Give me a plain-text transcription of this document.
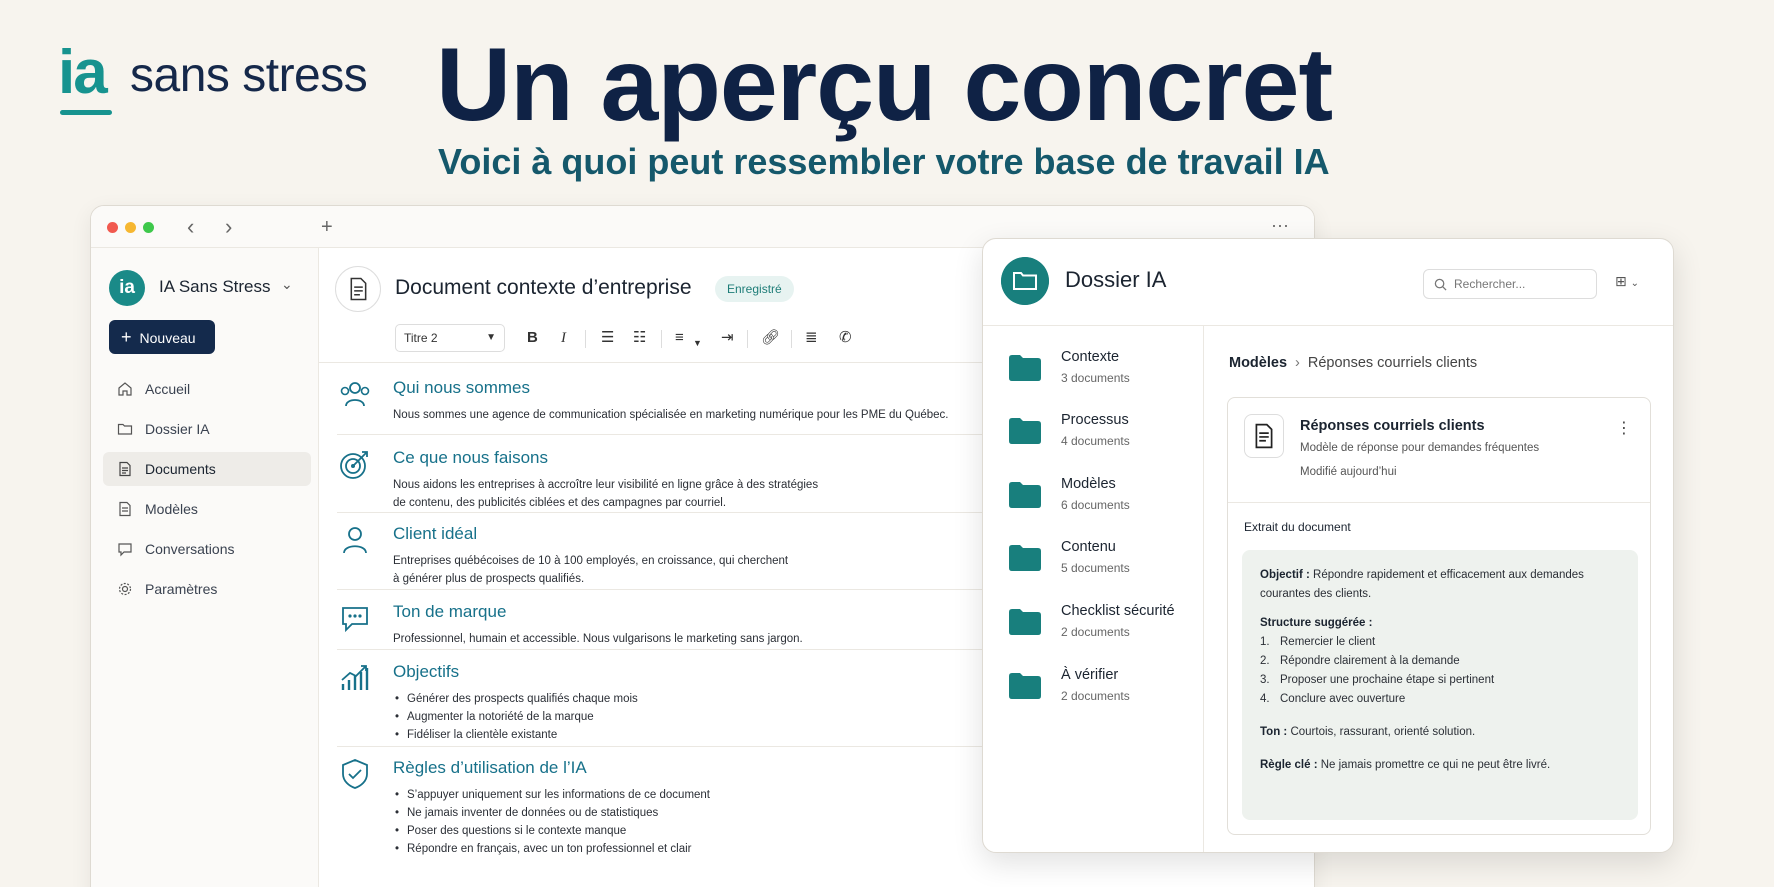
ia sans stress Un aperçu concret
Voici à quoi peut ressembler votre base de travail IA
‹ ›	+	···
ia	IA Sans Stress ⌄
+ Nouveau
Accueil
Dossier IA
Documents
Modèles
Conversations
Paramètres
Document contexte d’entreprise	Enregistré
Titre 2	▼ B I ☰ ☷ ≡ ▼ ⇥ 🔗︎ ≣ ✆
Qui nous sommes
Nous sommes une agence de communication spécialisée en marketing numérique pour les PME du Québec.
Ce que nous faisons
Nous aidons les entreprises à accroître leur visibilité en ligne grâce à des stratégies
de contenu, des publicités ciblées et des campagnes par courriel.
Client idéal
Entreprises québécoises de 10 à 100 employés, en croissance, qui cherchent
à générer plus de prospects qualifiés.
Ton de marque
Professionnel, humain et accessible. Nous vulgarisons le marketing sans jargon.
Objectifs
• Générer des prospects qualifiés chaque mois
• Augmenter la notoriété de la marque
• Fidéliser la clientèle existante
Règles d’utilisation de l’IA
• S’appuyer uniquement sur les informations de ce document
• Ne jamais inventer de données ou de statistiques
• Poser des questions si le contexte manque
• Répondre en français, avec un ton professionnel et clair
Dossier IA	Rechercher...	⊞ ⌄
Contexte
3 documents
Processus
4 documents
Modèles
6 documents
Contenu
5 documents
Checklist sécurité
2 documents
À vérifier
2 documents
Modèles › Réponses courriels clients
Réponses courriels clients
Modèle de réponse pour demandes fréquentes
Modifié aujourd’hui
⋮
Extrait du document

Objectif : Répondre rapidement et efficacement aux demandes courantes des clients.

Structure suggérée :
1. Remercier le client
2. Répondre clairement à la demande
3. Proposer une prochaine étape si pertinent
4. Conclure avec ouverture

Ton : Courtois, rassurant, orienté solution.

Règle clé : Ne jamais promettre ce qui ne peut être livré.
